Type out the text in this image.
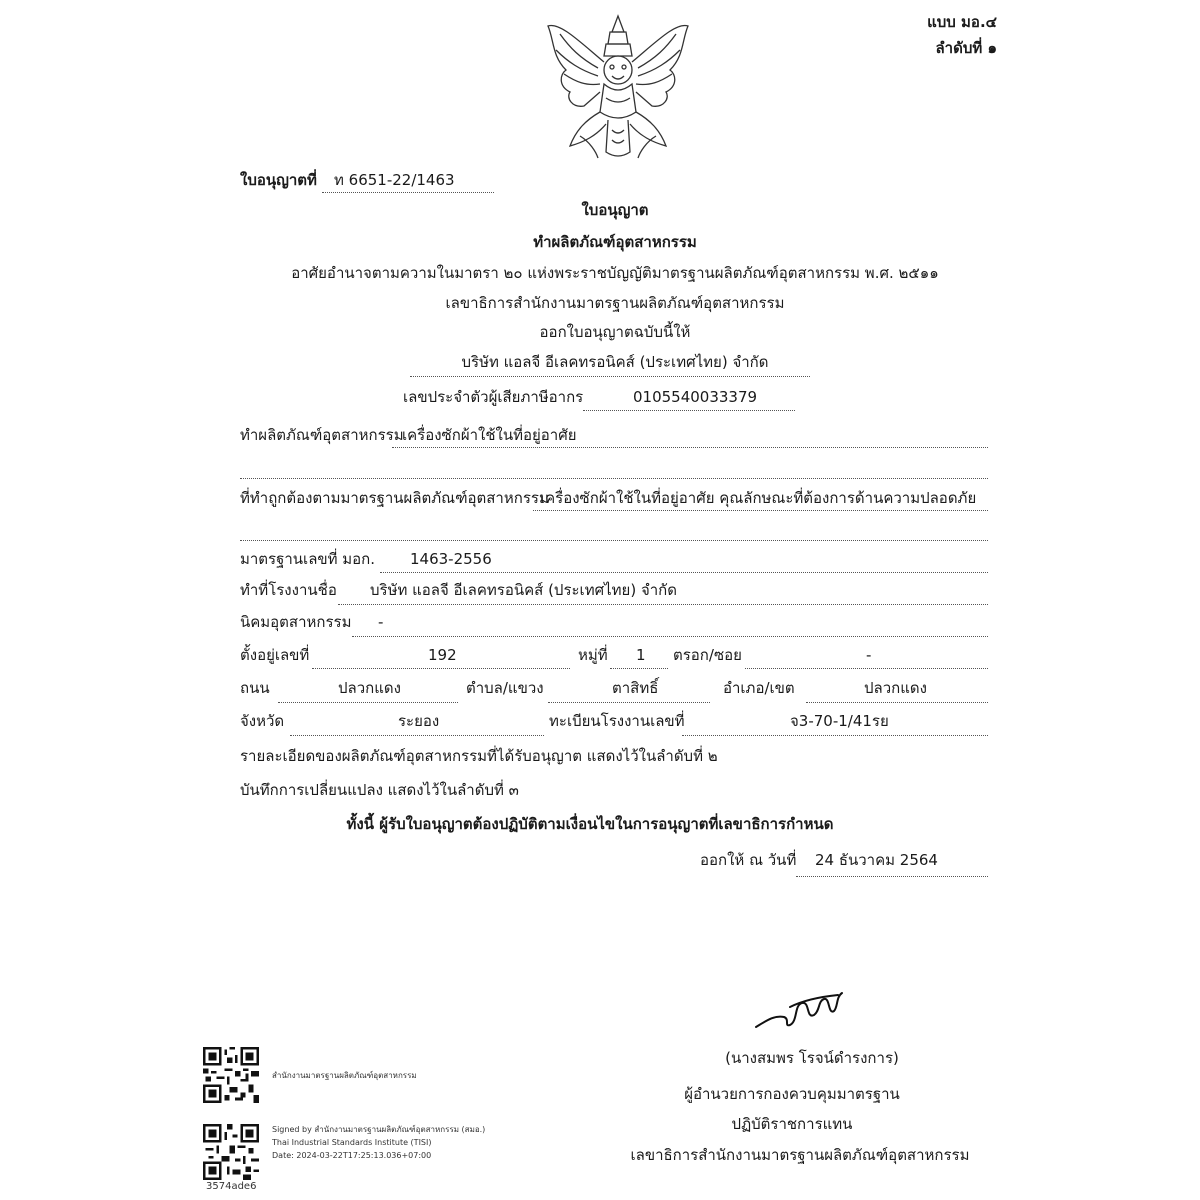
แบบ มอ.๔
ลำดับที่ ๑
ใบอนุญาตที่ ท 6651-22/1463
ใบอนุญาต
ทำผลิตภัณฑ์อุตสาหกรรม
อาศัยอำนาจตามความในมาตรา ๒๐ แห่งพระราชบัญญัติมาตรฐานผลิตภัณฑ์อุตสาหกรรม พ.ศ. ๒๕๑๑
เลขาธิการสำนักงานมาตรฐานผลิตภัณฑ์อุตสาหกรรม
ออกใบอนุญาตฉบับนี้ให้
บริษัท แอลจี อีเลคทรอนิคส์ (ประเทศไทย) จำกัด
เลขประจำตัวผู้เสียภาษีอากร	0105540033379
ทำผลิตภัณฑ์อุตสาหกรรม
เครื่องซักผ้าใช้ในที่อยู่อาศัย
ที่ทำถูกต้องตามมาตรฐานผลิตภัณฑ์อุตสาหกรรม
เครื่องซักผ้าใช้ในที่อยู่อาศัย คุณลักษณะที่ต้องการด้านความปลอดภัย
มาตรฐานเลขที่ มอก. 1463-2556
ทำที่โรงงานชื่อ บริษัท แอลจี อีเลคทรอนิคส์ (ประเทศไทย) จำกัด
นิคมอุตสาหกรรม -
ตั้งอยู่เลขที่	192	หมู่ที่ 1 ตรอก/ซอย	-
ถนน	ปลวกแดง	ตำบล/แขวง	ตาสิทธิ์	อำเภอ/เขต	ปลวกแดง
จังหวัด	ระยอง	ทะเบียนโรงงานเลขที่	จ3-70-1/41รย
รายละเอียดของผลิตภัณฑ์อุตสาหกรรมที่ได้รับอนุญาต แสดงไว้ในลำดับที่ ๒
บันทึกการเปลี่ยนแปลง แสดงไว้ในลำดับที่ ๓
ทั้งนี้ ผู้รับใบอนุญาตต้องปฏิบัติตามเงื่อนไขในการอนุญาตที่เลขาธิการกำหนด
ออกให้ ณ วันที่ 24 ธันวาคม 2564
(นางสมพร โรจน์ดำรงการ)
ผู้อำนวยการกองควบคุมมาตรฐาน
ปฏิบัติราชการแทน
เลขาธิการสำนักงานมาตรฐานผลิตภัณฑ์อุตสาหกรรม
สำนักงานมาตรฐานผลิตภัณฑ์อุตสาหกรรม
Signed by สำนักงานมาตรฐานผลิตภัณฑ์อุตสาหกรรม (สมอ.)
Thai Industrial Standards Institute (TISI)
Date: 2024-03-22T17:25:13.036+07:00
3574ade6
